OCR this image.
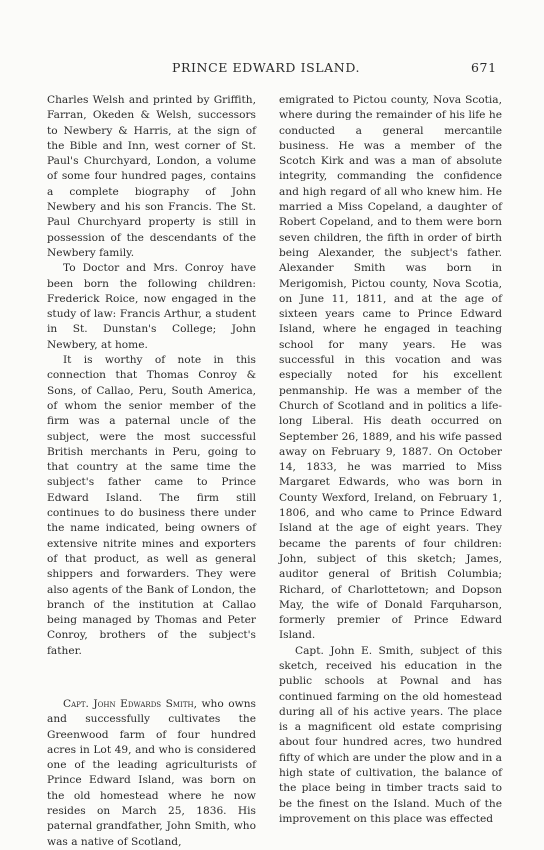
PRINCE EDWARD ISLAND.	671

Charles Welsh and printed by Griffith, Farran, Okeden & Welsh, successors to Newbery & Harris, at the sign of the Bible and Inn, west corner of St. Paul's Churchyard, London, a volume of some four hundred pages, contains a complete biography of John Newbery and his son Francis. The St. Paul Churchyard property is still in possession of the descendants of the Newbery family.

To Doctor and Mrs. Conroy have been born the following children: Frederick Roice, now engaged in the study of law: Francis Arthur, a student in St. Dunstan's College; John Newbery, at home.

It is worthy of note in this connection that Thomas Conroy & Sons, of Callao, Peru, South America, of whom the senior member of the firm was a paternal uncle of the subject, were the most successful British merchants in Peru, going to that country at the same time the subject's father came to Prince Edward Island. The firm still continues to do business there under the name indicated, being owners of extensive nitrite mines and exporters of that product, as well as general shippers and forwarders. They were also agents of the Bank of London, the branch of the institution at Callao being managed by Thomas and Peter Conroy, brothers of the subject's father.

Capt. John Edwards Smith, who owns and successfully cultivates the Greenwood farm of four hundred acres in Lot 49, and who is considered one of the leading agriculturists of Prince Edward Island, was born on the old homestead where he now resides on March 25, 1836. His paternal grandfather, John Smith, who was a native of Scotland,

emigrated to Pictou county, Nova Scotia, where during the remainder of his life he conducted a general mercantile business. He was a member of the Scotch Kirk and was a man of absolute integrity, commanding the confidence and high regard of all who knew him. He married a Miss Copeland, a daughter of Robert Copeland, and to them were born seven children, the fifth in order of birth being Alexander, the subject's father. Alexander Smith was born in Merigomish, Pictou county, Nova Scotia, on June 11, 1811, and at the age of sixteen years came to Prince Edward Island, where he engaged in teaching school for many years. He was successful in this vocation and was especially noted for his excellent penmanship. He was a member of the Church of Scotland and in politics a life-long Liberal. His death occurred on September 26, 1889, and his wife passed away on February 9, 1887. On October 14, 1833, he was married to Miss Margaret Edwards, who was born in County Wexford, Ireland, on February 1, 1806, and who came to Prince Edward Island at the age of eight years. They became the parents of four children: John, subject of this sketch; James, auditor general of British Columbia; Richard, of Charlottetown; and Dopson May, the wife of Donald Farquharson, formerly premier of Prince Edward Island.

Capt. John E. Smith, subject of this sketch, received his education in the public schools at Pownal and has continued farming on the old homestead during all of his active years. The place is a magnificent old estate comprising about four hundred acres, two hundred fifty of which are under the plow and in a high state of cultivation, the balance of the place being in timber tracts said to be the finest on the Island. Much of the improvement on this place was effected
